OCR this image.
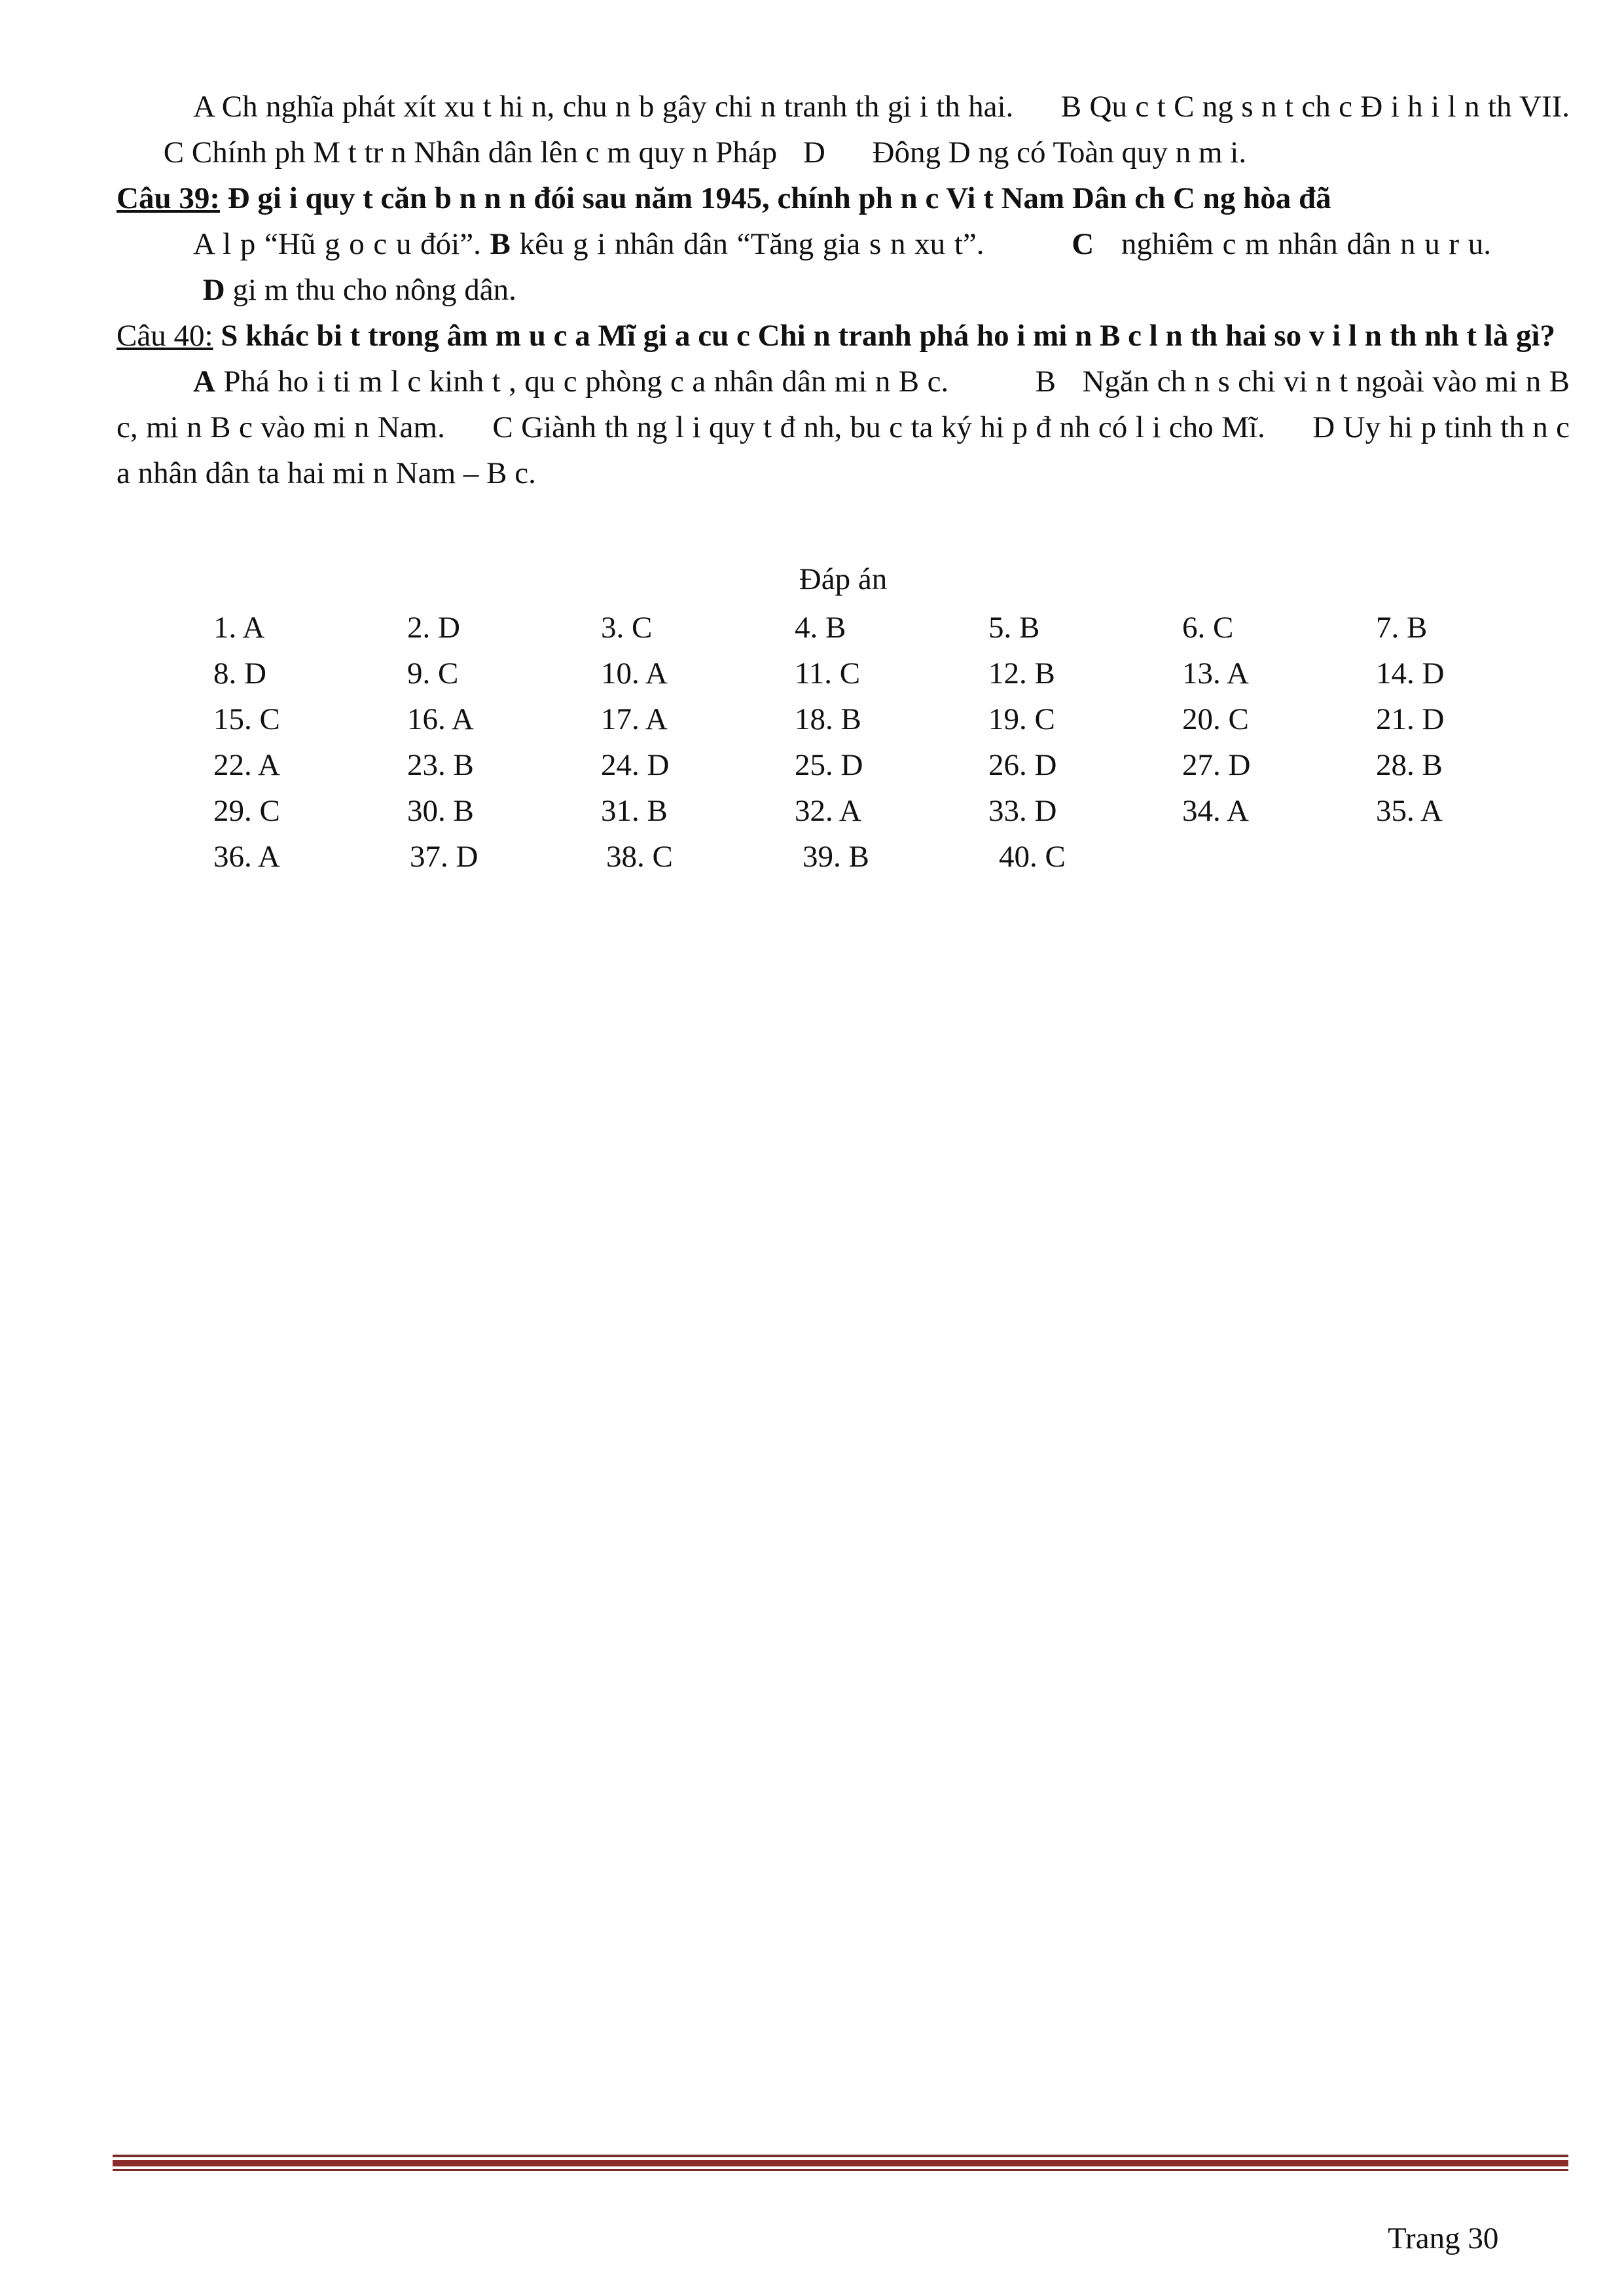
A Ch nghĩa phát xít xu t hi n, chu n b gây chi n tranh th gi i th hai. B Qu c t C ng s n t ch c Đ i h i l n th VII. C Chính ph M t tr n Nhân dân lên c m quy n Pháp D Đông D ng có Toàn quy n m i.

Câu 39: Đ gi i quy t căn b n n n đói sau năm 1945, chính ph n c Vi t Nam Dân ch C ng hòa đã

A l p “Hũ g o c u đói”. B kêu g i nhân dân “Tăng gia s n xu t”.	C nghiêm c m nhân dân n u r u. D gi m thu cho nông dân.

Câu 40: S khác bi t trong âm m u c a Mĩ gi a cu c Chi n tranh phá ho i mi n B c l n th hai so v i l n th nh t là gì?

A Phá ho i ti m l c kinh t , qu c phòng c a nhân dân mi n B c.	B Ngăn ch n s chi vi n t ngoài vào mi n B c, mi n B c vào mi n Nam. C Giành th ng l i quy t đ nh, bu c ta ký hi p đ nh có l i cho Mĩ. D Uy hi p tinh th n c a nhân dân ta hai mi n Nam – B c.

Đáp án

1. A	2. D	3. C	4. B	5. B	6. C	7. B
8. D	9. C	10. A	11. C	12. B	13. A	14. D
15. C	16. A	17. A	18. B	19. C	20. C	21. D
22. A	23. B	24. D	25. D	26. D	27. D	28. B
29. C	30. B	31. B	32. A	33. D	34. A	35. A
36. A	37. D	38. C	39. B	40. C
Trang 30
